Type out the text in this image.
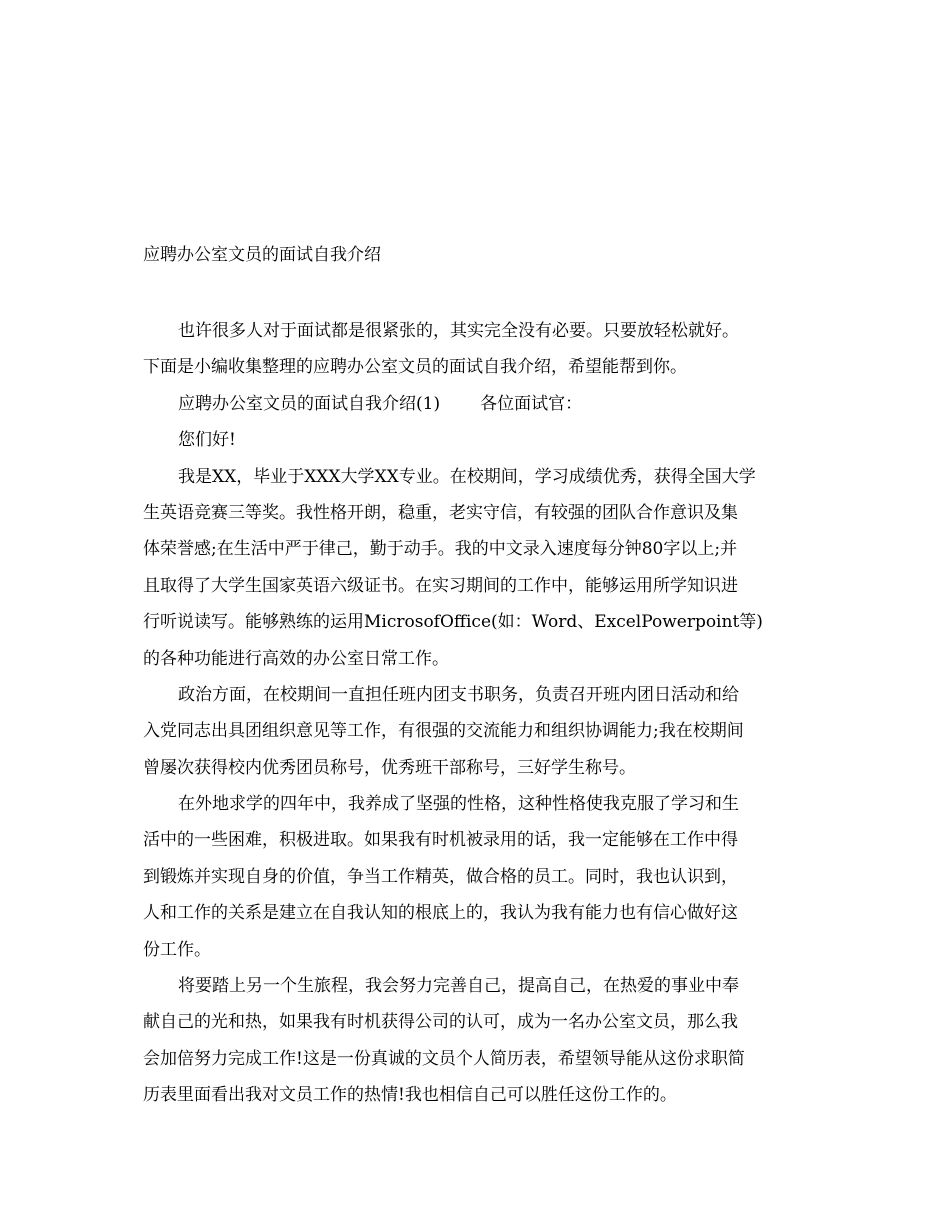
应聘办公室文员的面试自我介绍
也许很多人对于面试都是很紧张的，其实完全没有必要。只要放轻松就好。
下面是小编收集整理的应聘办公室文员的面试自我介绍，希望能帮到你。
应聘办公室文员的面试自我介绍(1) 各位面试官：
您们好!
我是XX，毕业于XXX大学XX专业。在校期间，学习成绩优秀，获得全国大学
生英语竞赛三等奖。我性格开朗，稳重，老实守信，有较强的团队合作意识及集
体荣誉感;在生活中严于律己，勤于动手。我的中文录入速度每分钟80字以上;并
且取得了大学生国家英语六级证书。在实习期间的工作中，能够运用所学知识进
行听说读写。能够熟练的运用MicrosofOffice(如：Word、ExcelPowerpoint等)
的各种功能进行高效的办公室日常工作。
政治方面，在校期间一直担任班内团支书职务，负责召开班内团日活动和给
入党同志出具团组织意见等工作，有很强的交流能力和组织协调能力;我在校期间
曾屡次获得校内优秀团员称号，优秀班干部称号，三好学生称号。
在外地求学的四年中，我养成了坚强的性格，这种性格使我克服了学习和生
活中的一些困难，积极进取。如果我有时机被录用的话，我一定能够在工作中得
到锻炼并实现自身的价值，争当工作精英，做合格的员工。同时，我也认识到，
人和工作的关系是建立在自我认知的根底上的，我认为我有能力也有信心做好这
份工作。
将要踏上另一个生旅程，我会努力完善自己，提高自己，在热爱的事业中奉
献自己的光和热，如果我有时机获得公司的认可，成为一名办公室文员，那么我
会加倍努力完成工作!这是一份真诚的文员个人简历表，希望领导能从这份求职简
历表里面看出我对文员工作的热情!我也相信自己可以胜任这份工作的。
